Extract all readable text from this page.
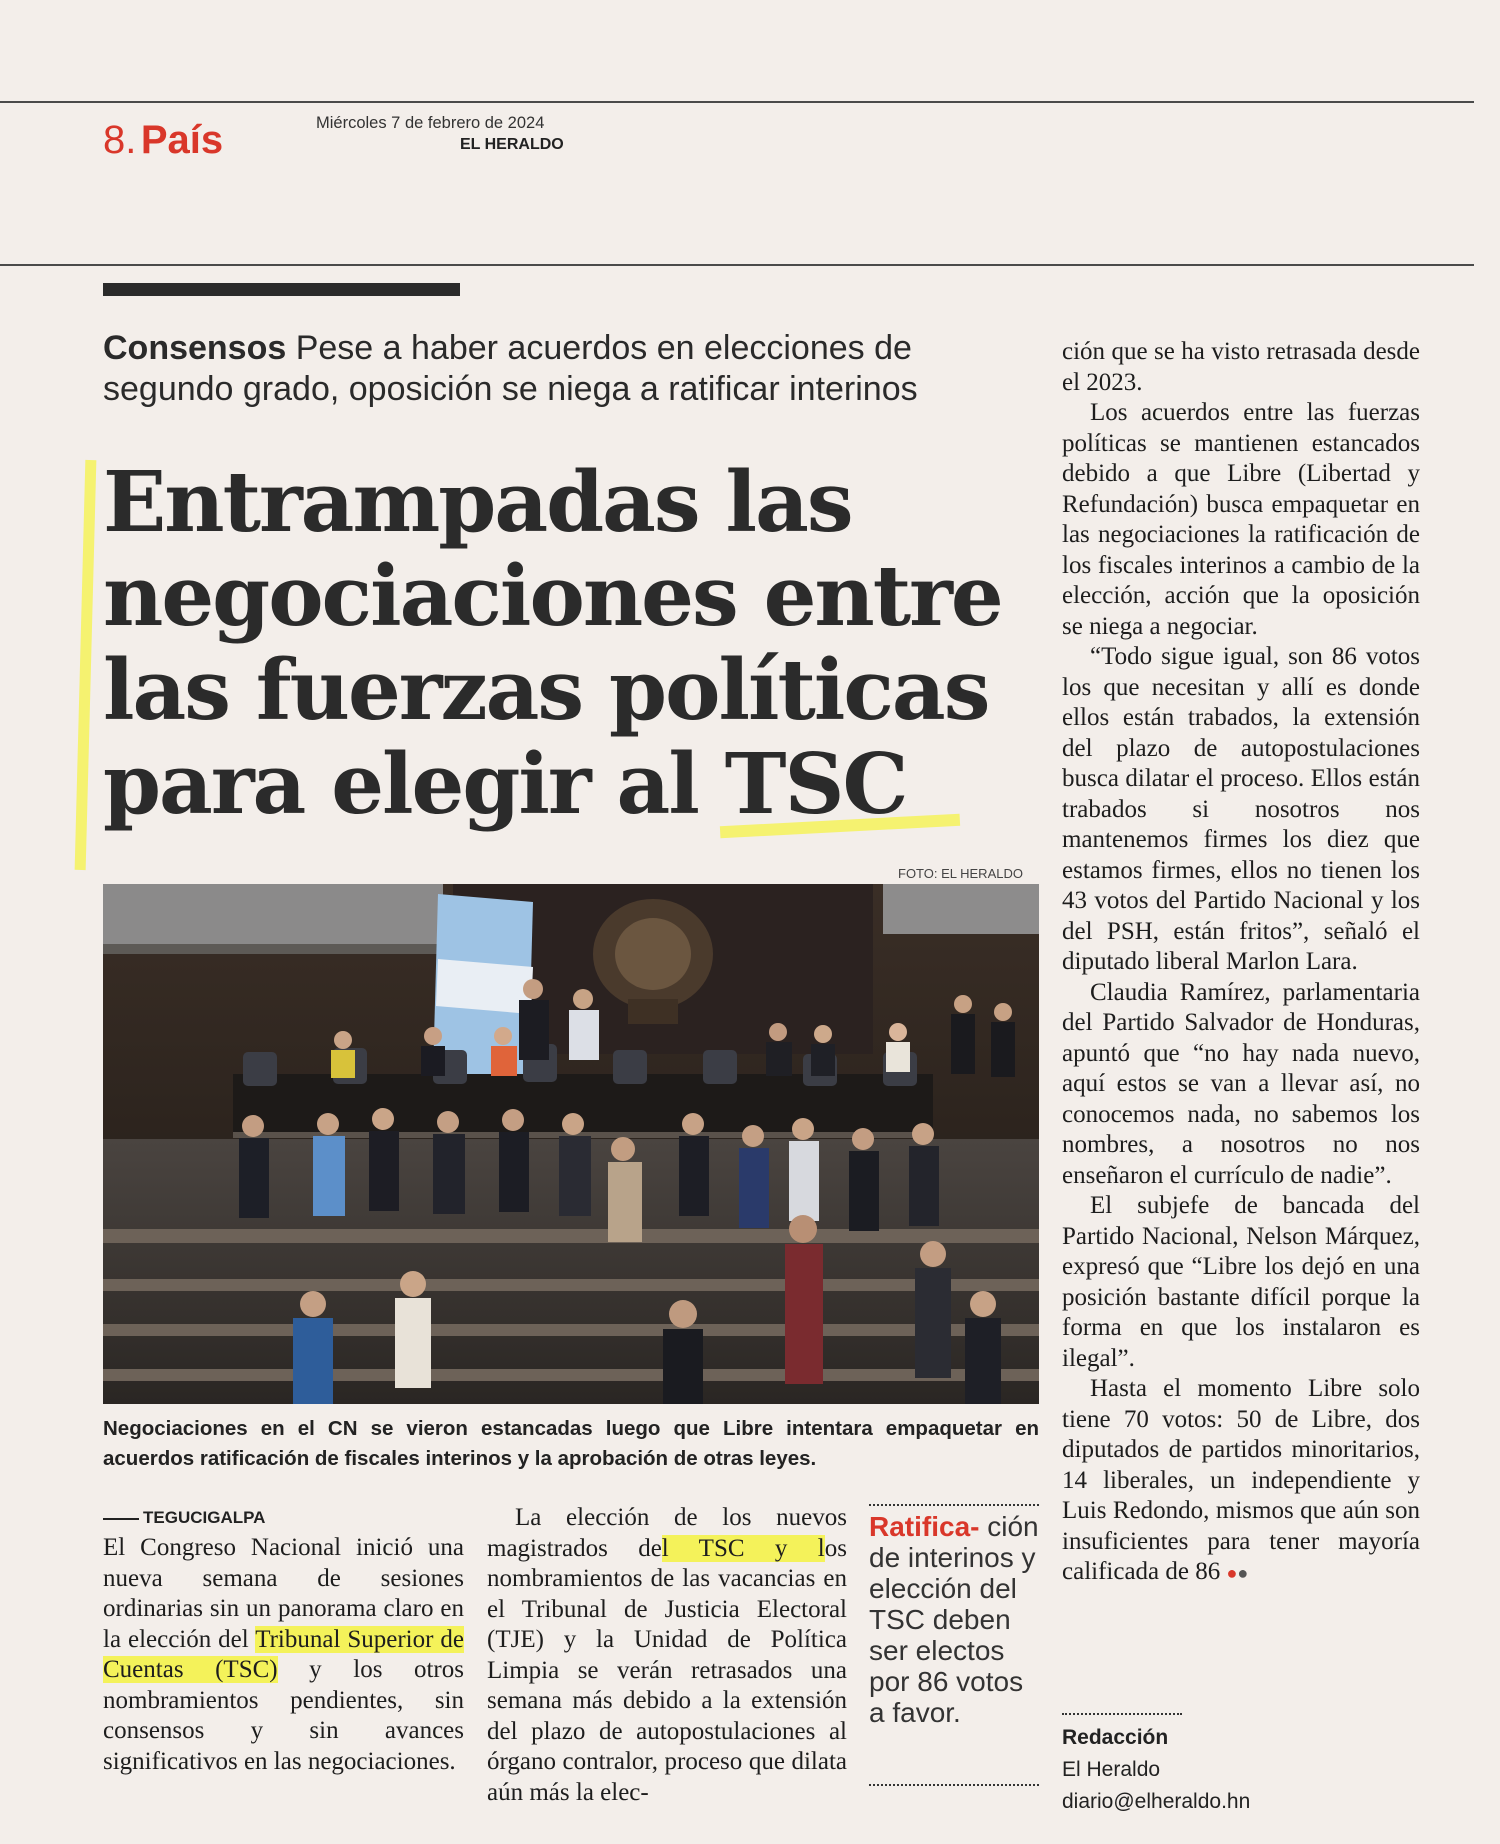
8. País	Miércoles 7 de febrero de 2024
EL HERALDO
Consensos Pese a haber acuerdos en elecciones de segundo grado, oposición se niega a ratificar interinos
Entrampadas las
negociaciones entre
las fuerzas políticas
para elegir al TSC
FOTO: EL HERALDO
Negociaciones en el CN se vieron estancadas luego que Libre intentara empaquetar en acuerdos ratificación de fiscales interinos y la aprobación de otras leyes.
TEGUCIGALPA

El Congreso Nacional inició una nueva semana de sesiones ordinarias sin un panorama claro en la elección del Tribunal Superior de Cuentas (TSC) y los otros nombramientos pendientes, sin consensos y sin avances significativos en las negociaciones.

La elección de los nuevos magistrados del TSC y los nombramientos de las vacancias en el Tribunal de Justicia Electoral (TJE) y la Unidad de Política Limpia se verán retrasados una semana más debido a la extensión del plazo de autopostulaciones al órgano contralor, proceso que dilata aún más la elec-

Ratifica- ción de interinos y elección del TSC deben ser electos por 86 votos a favor.

ción que se ha visto retrasada desde el 2023.

Los acuerdos entre las fuerzas políticas se mantienen estancados debido a que Libre (Libertad y Refundación) busca empaquetar en las negociaciones la ratificación de los fiscales interinos a cambio de la elección, acción que la oposición se niega a negociar.

“Todo sigue igual, son 86 votos los que necesitan y allí es donde ellos están trabados, la extensión del plazo de autopostulaciones busca dilatar el proceso. Ellos están trabados si nosotros nos mantenemos firmes los diez que estamos firmes, ellos no tienen los 43 votos del Partido Nacional y los del PSH, están fritos”, señaló el diputado liberal Marlon Lara.

Claudia Ramírez, parlamentaria del Partido Salvador de Honduras, apuntó que “no hay nada nuevo, aquí estos se van a llevar así, no conocemos nada, no sabemos los nombres, a nosotros no nos enseñaron el currículo de nadie”.

El subjefe de bancada del Partido Nacional, Nelson Márquez, expresó que “Libre los dejó en una posición bastante difícil porque la forma en que los instalaron es ilegal”.

Hasta el momento Libre solo tiene 70 votos: 50 de Libre, dos diputados de partidos minoritarios, 14 liberales, un independiente y Luis Redondo, mismos que aún son insuficientes para tener mayoría calificada de 86 ●●

Redacción
El Heraldo
diario@elheraldo.hn
